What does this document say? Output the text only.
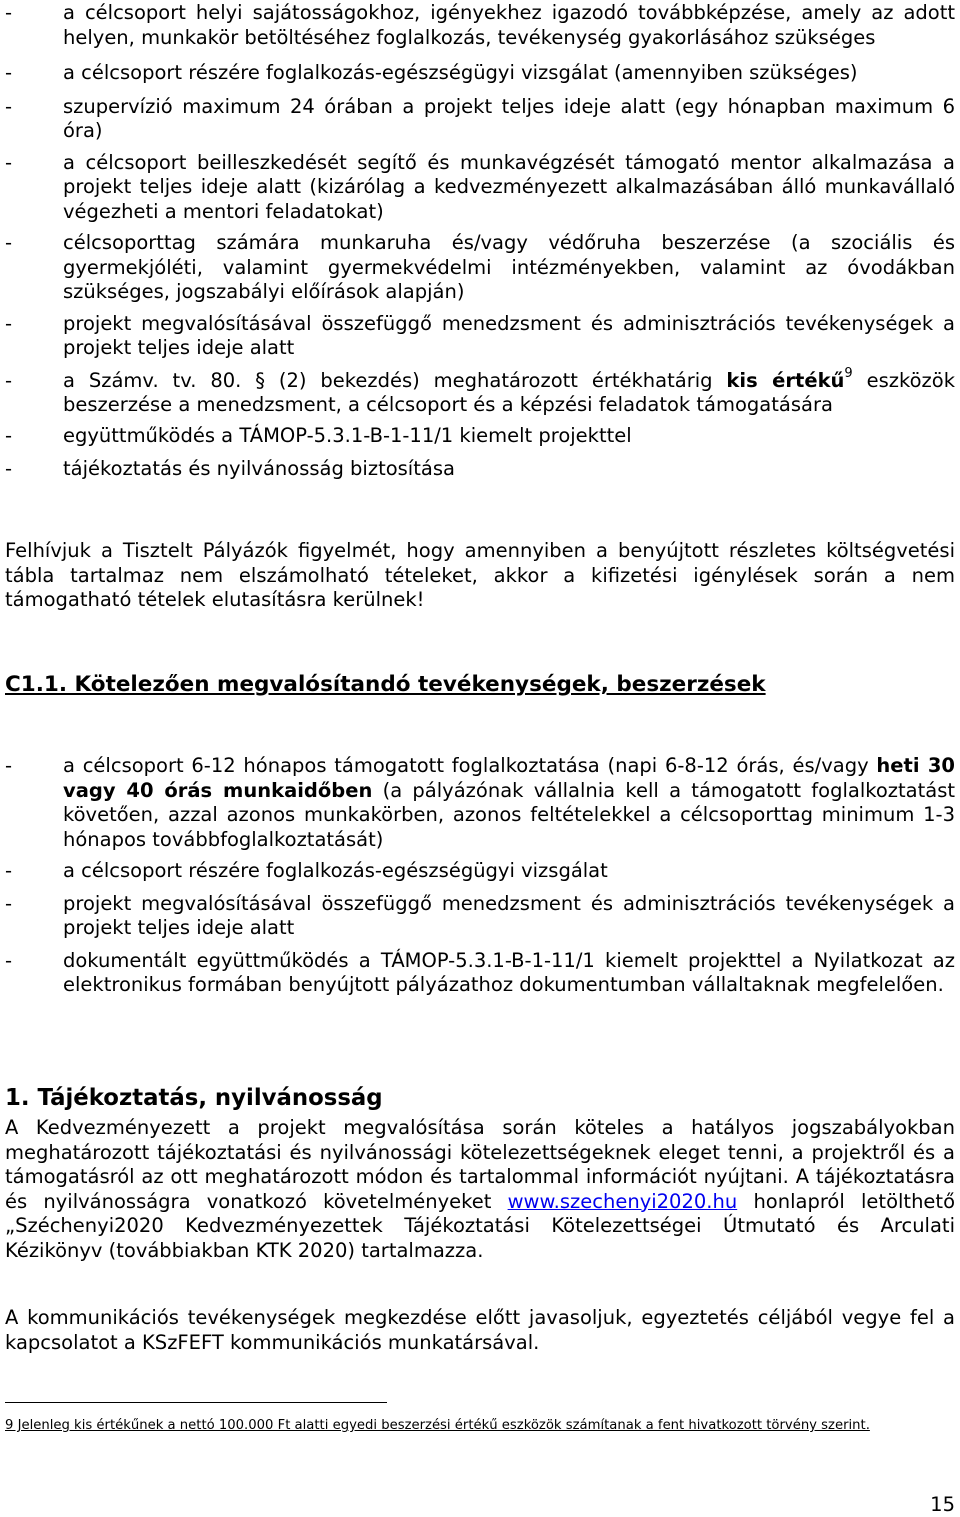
-	a célcsoport helyi sajátosságokhoz, igényekhez igazodó továbbképzése, amely az adott helyen, munkakör betöltéséhez foglalkozás, tevékenység gyakorlásához szükséges
-	a célcsoport részére foglalkozás-egészségügyi vizsgálat (amennyiben szükséges)
-	szupervízió maximum 24 órában a projekt teljes ideje alatt (egy hónapban maximum 6 óra)
-	a célcsoport beilleszkedését segítő és munkavégzését támogató mentor alkalmazása a projekt teljes ideje alatt (kizárólag a kedvezményezett alkalmazásában álló munkavállaló végezheti a mentori feladatokat)
-	célcsoporttag számára munkaruha és/vagy védőruha beszerzése (a szociális és gyermekjóléti, valamint gyermekvédelmi intézményekben, valamint az óvodákban szükséges, jogszabályi előírások alapján)
-	projekt megvalósításával összefüggő menedzsment és adminisztrációs tevékenységek a projekt teljes ideje alatt
-	a Számv. tv. 80. § (2) bekezdés) meghatározott értékhatárig kis értékű$^9$ eszközök beszerzése a menedzsment, a célcsoport és a képzési feladatok támogatására
-	együttműködés a TÁMOP-5.3.1-B-1-11/1 kiemelt projekttel
-	tájékoztatás és nyilvánosság biztosítása

Felhívjuk a Tisztelt Pályázók figyelmét, hogy amennyiben a benyújtott részletes költségvetési tábla tartalmaz nem elszámolható tételeket, akkor a kifizetési igénylések során a nem támogatható tételek elutasításra kerülnek!

C1.1. Kötelezően megvalósítandó tevékenységek, beszerzések
-	a célcsoport 6-12 hónapos támogatott foglalkoztatása (napi 6-8-12 órás, és/vagy heti 30 vagy 40 órás munkaidőben (a pályázónak vállalnia kell a támogatott foglalkoztatást követően, azzal azonos munkakörben, azonos feltételekkel a célcsoporttag minimum 1-3 hónapos továbbfoglalkoztatását)
-	a célcsoport részére foglalkozás-egészségügyi vizsgálat
-	projekt megvalósításával összefüggő menedzsment és adminisztrációs tevékenységek a projekt teljes ideje alatt
-	dokumentált együttműködés a TÁMOP-5.3.1-B-1-11/1 kiemelt projekttel a Nyilatkozat az elektronikus formában benyújtott pályázathoz dokumentumban vállaltaknak megfelelően.
1. Tájékoztatás, nyilvánosság

A Kedvezményezett a projekt megvalósítása során köteles a hatályos jogszabályokban meghatározott tájékoztatási és nyilvánossági kötelezettségeknek eleget tenni, a projektről és a támogatásról az ott meghatározott módon és tartalommal információt nyújtani. A tájékoztatásra és nyilvánosságra vonatkozó követelményeket www.szechenyi2020.hu honlapról letölthető „Széchenyi2020 Kedvezményezettek Tájékoztatási Kötelezettségei Útmutató és Arculati Kézikönyv (továbbiakban KTK 2020) tartalmazza.

A kommunikációs tevékenységek megkezdése előtt javasoljuk, egyeztetés céljából vegye fel a kapcsolatot a KSzFEFT kommunikációs munkatársával.

9 Jelenleg kis értékűnek a nettó 100.000 Ft alatti egyedi beszerzési értékű eszközök számítanak a fent hivatkozott törvény szerint.

15
